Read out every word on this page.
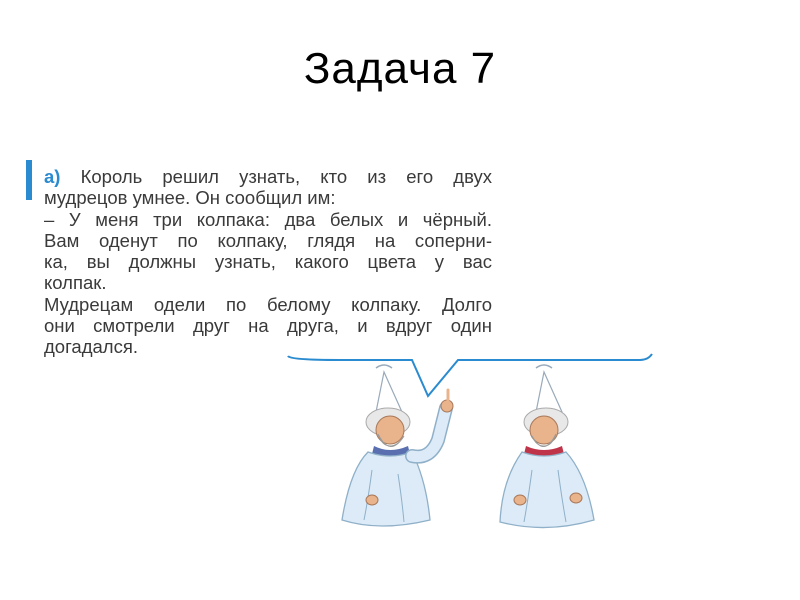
Задача 7
а) Король решил узнать, кто из его двух
мудрецов умнее. Он сообщил им:
– У меня три колпака: два белых и чёрный.
Вам оденут по колпаку, глядя на соперни-
ка, вы должны узнать, какого цвета у вас
колпак.
Мудрецам одели по белому колпаку. Долго
они смотрели друг на друга, и вдруг один
догадался.
